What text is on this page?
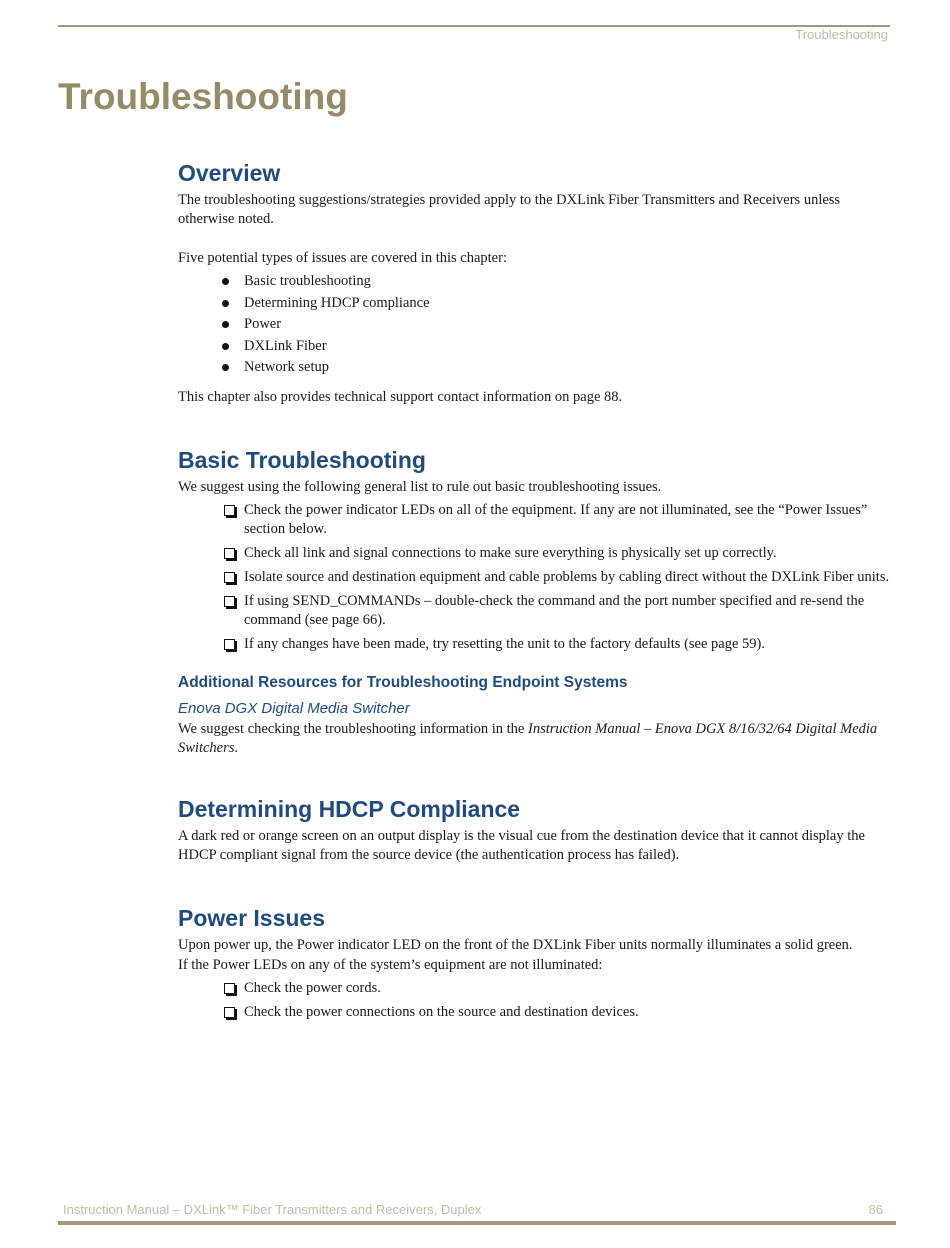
Troubleshooting
Troubleshooting
Overview

The troubleshooting suggestions/strategies provided apply to the DXLink Fiber Transmitters and Receivers unless otherwise noted.

Five potential types of issues are covered in this chapter:

Basic troubleshooting
Determining HDCP compliance
Power
DXLink Fiber
Network setup

This chapter also provides technical support contact information on page 88.

Basic Troubleshooting

We suggest using the following general list to rule out basic troubleshooting issues.

Check the power indicator LEDs on all of the equipment. If any are not illuminated, see the “Power Issues” section below.
Check all link and signal connections to make sure everything is physically set up correctly.
Isolate source and destination equipment and cable problems by cabling direct without the DXLink Fiber units.
If using SEND_COMMANDs – double-check the command and the port number specified and re-send the command (see page 66).
If any changes have been made, try resetting the unit to the factory defaults (see page 59).
Additional Resources for Troubleshooting Endpoint Systems
Enova DGX Digital Media Switcher

We suggest checking the troubleshooting information in the Instruction Manual – Enova DGX 8/16/32/64 Digital Media Switchers.

Determining HDCP Compliance

A dark red or orange screen on an output display is the visual cue from the destination device that it cannot display the HDCP compliant signal from the source device (the authentication process has failed).

Power Issues

Upon power up, the Power indicator LED on the front of the DXLink Fiber units normally illuminates a solid green.

If the Power LEDs on any of the system’s equipment are not illuminated:

Check the power cords.
Check the power connections on the source and destination devices.
Instruction Manual – DXLink™ Fiber Transmitters and Receivers, Duplex	86
